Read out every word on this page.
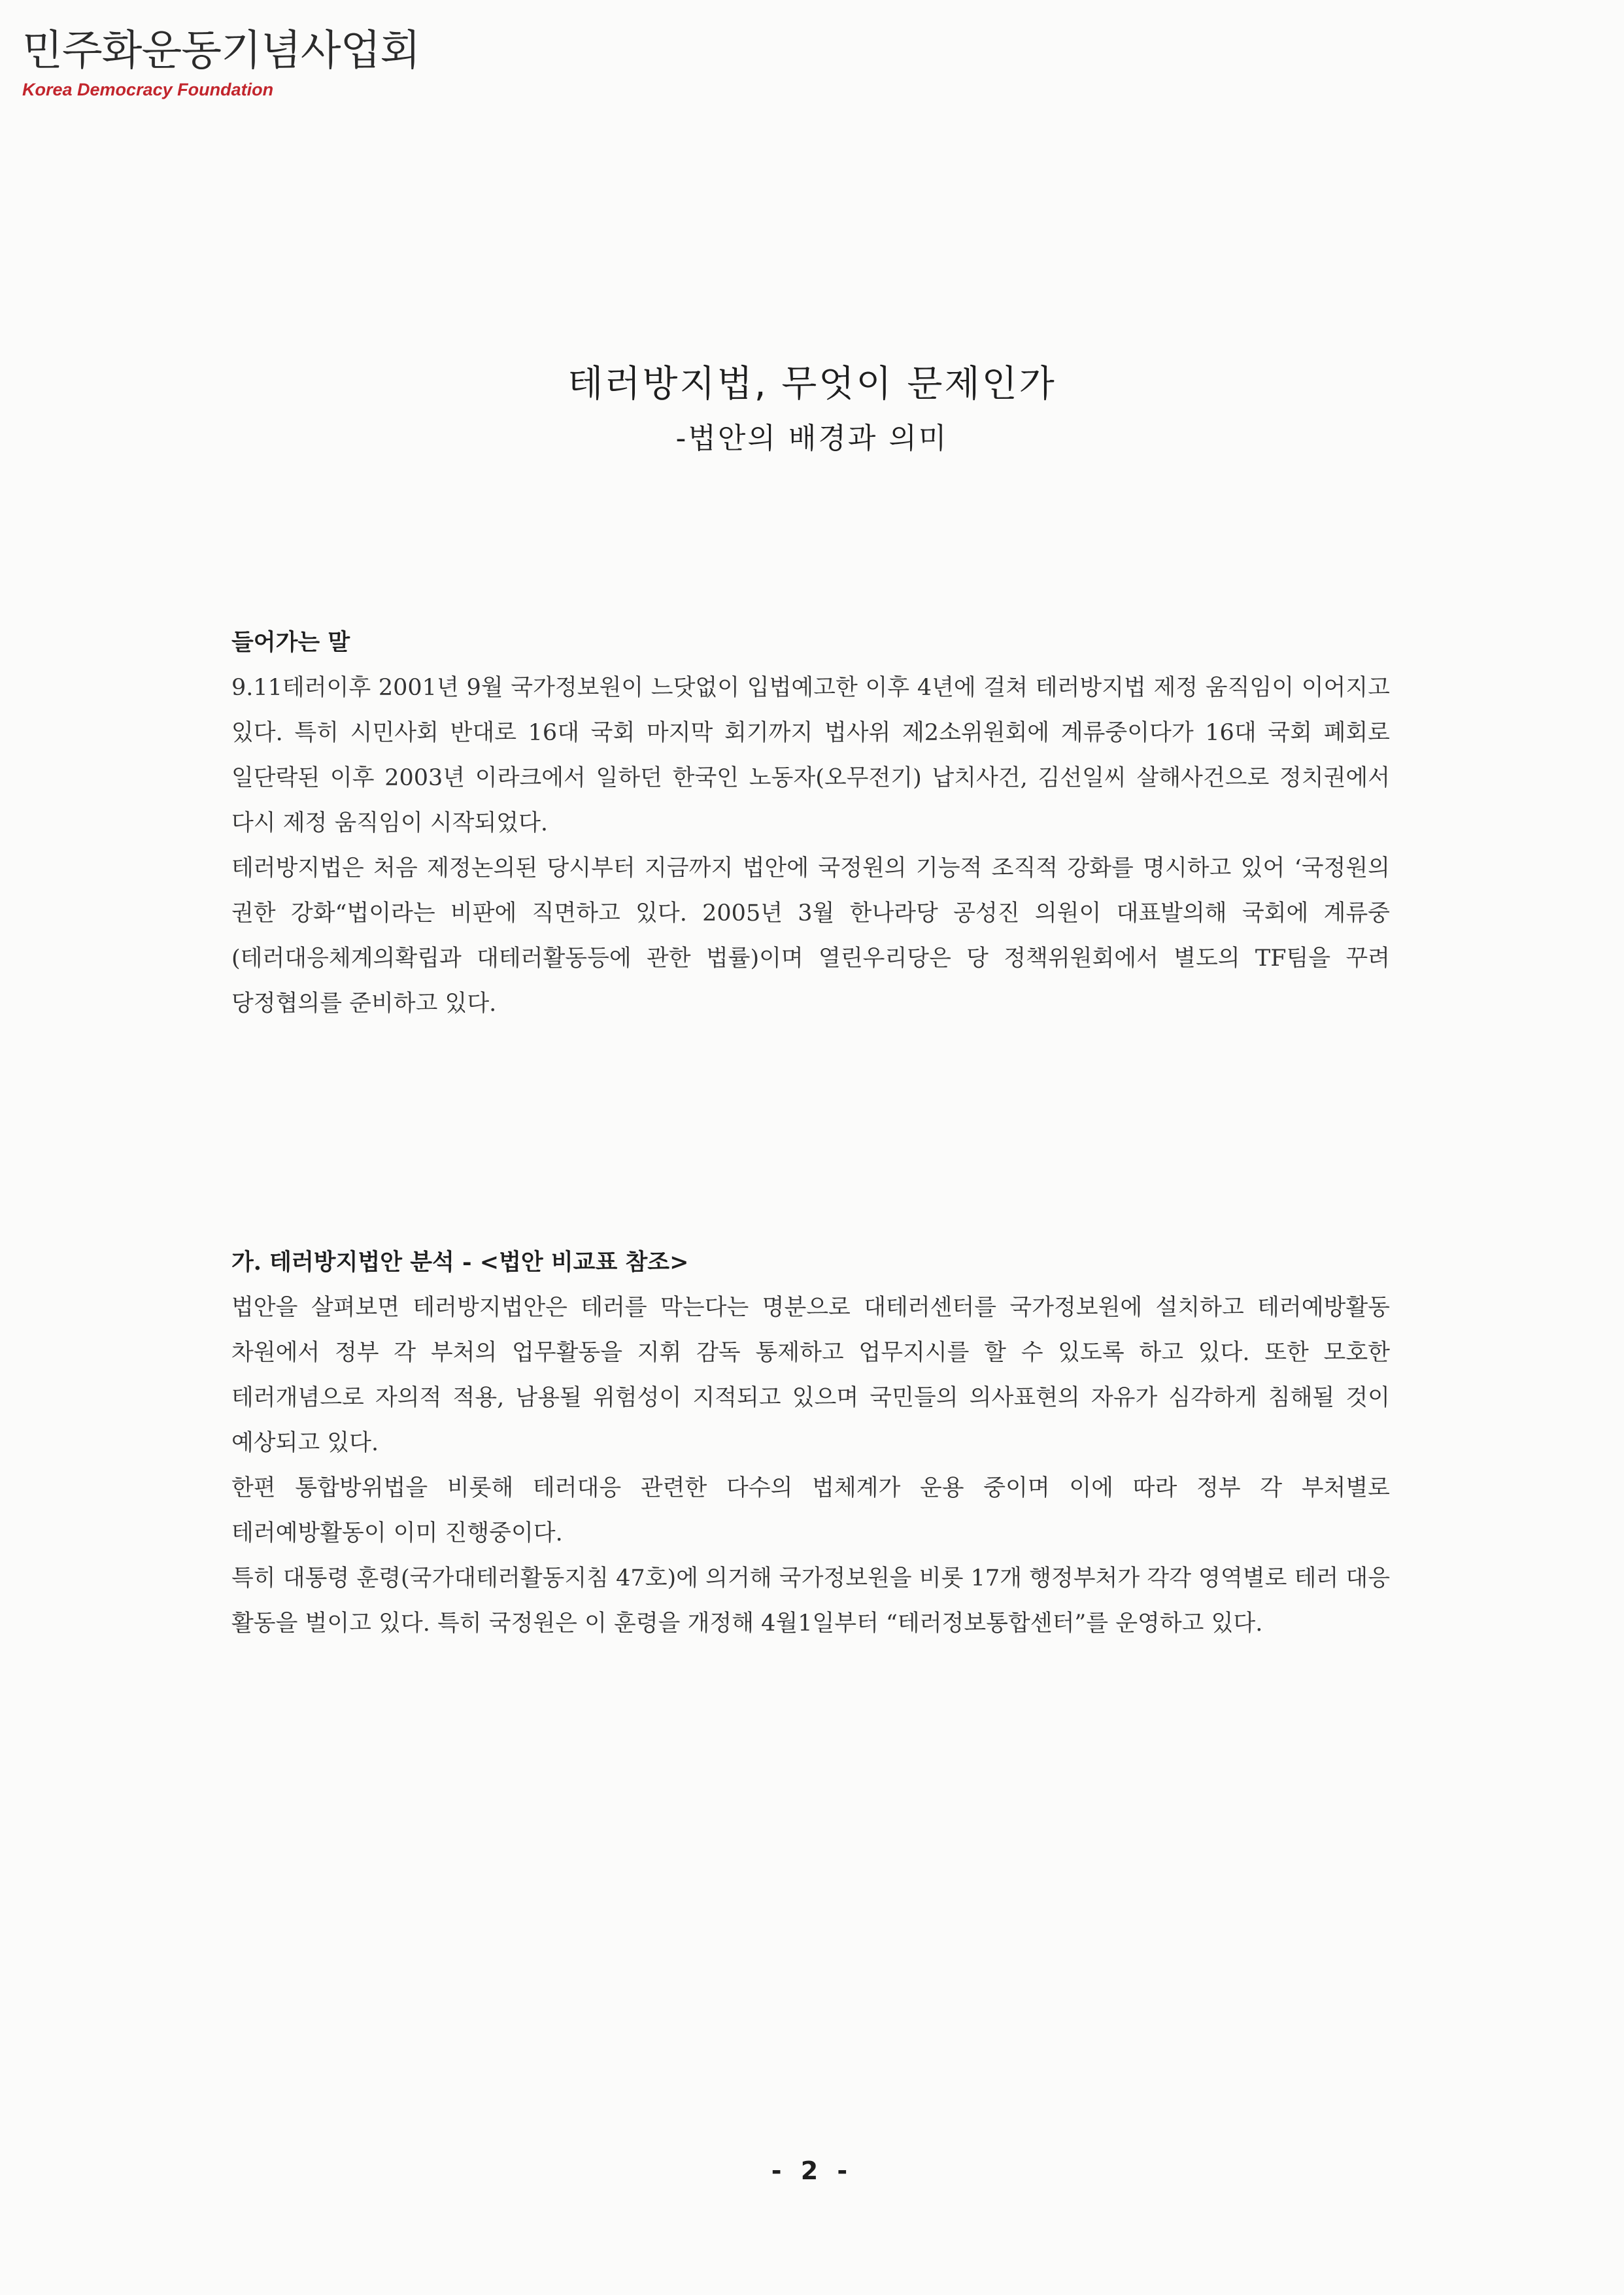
민주화운동기념사업회
Korea Democracy Foundation
테러방지법, 무엇이 문제인가
-법안의 배경과 의미
들어가는 말

9.11테러이후 2001년 9월 국가정보원이 느닷없이 입법예고한 이후 4년에 걸쳐 테러방지법 제정 움직임이 이어지고 있다. 특히 시민사회 반대로 16대 국회 마지막 회기까지 법사위 제2소위원회에 계류중이다가 16대 국회 폐회로 일단락된 이후 2003년 이라크에서 일하던 한국인 노동자(오무전기) 납치사건, 김선일씨 살해사건으로 정치권에서 다시 제정 움직임이 시작되었다.

테러방지법은 처음 제정논의된 당시부터 지금까지 법안에 국정원의 기능적 조직적 강화를 명시하고 있어 ‘국정원의 권한 강화“법이라는 비판에 직면하고 있다. 2005년 3월 한나라당 공성진 의원이 대표발의해 국회에 계류중(테러대응체계의확립과 대테러활동등에 관한 법률)이며 열린우리당은 당 정책위원회에서 별도의 TF팀을 꾸려 당정협의를 준비하고 있다.

가. 테러방지법안 분석 - <법안 비교표 참조>

법안을 살펴보면 테러방지법안은 테러를 막는다는 명분으로 대테러센터를 국가정보원에 설치하고 테러예방활동 차원에서 정부 각 부처의 업무활동을 지휘 감독 통제하고 업무지시를 할 수 있도록 하고 있다. 또한 모호한 테러개념으로 자의적 적용, 남용될 위험성이 지적되고 있으며 국민들의 의사표현의 자유가 심각하게 침해될 것이 예상되고 있다.

한편 통합방위법을 비롯해 테러대응 관련한 다수의 법체계가 운용 중이며 이에 따라 정부 각 부처별로 테러예방활동이 이미 진행중이다.

특히 대통령 훈령(국가대테러활동지침 47호)에 의거해 국가정보원을 비롯 17개 행정부처가 각각 영역별로 테러 대응 활동을 벌이고 있다. 특히 국정원은 이 훈령을 개정해 4월1일부터 “테러정보통합센터”를 운영하고 있다.

- 2 -
